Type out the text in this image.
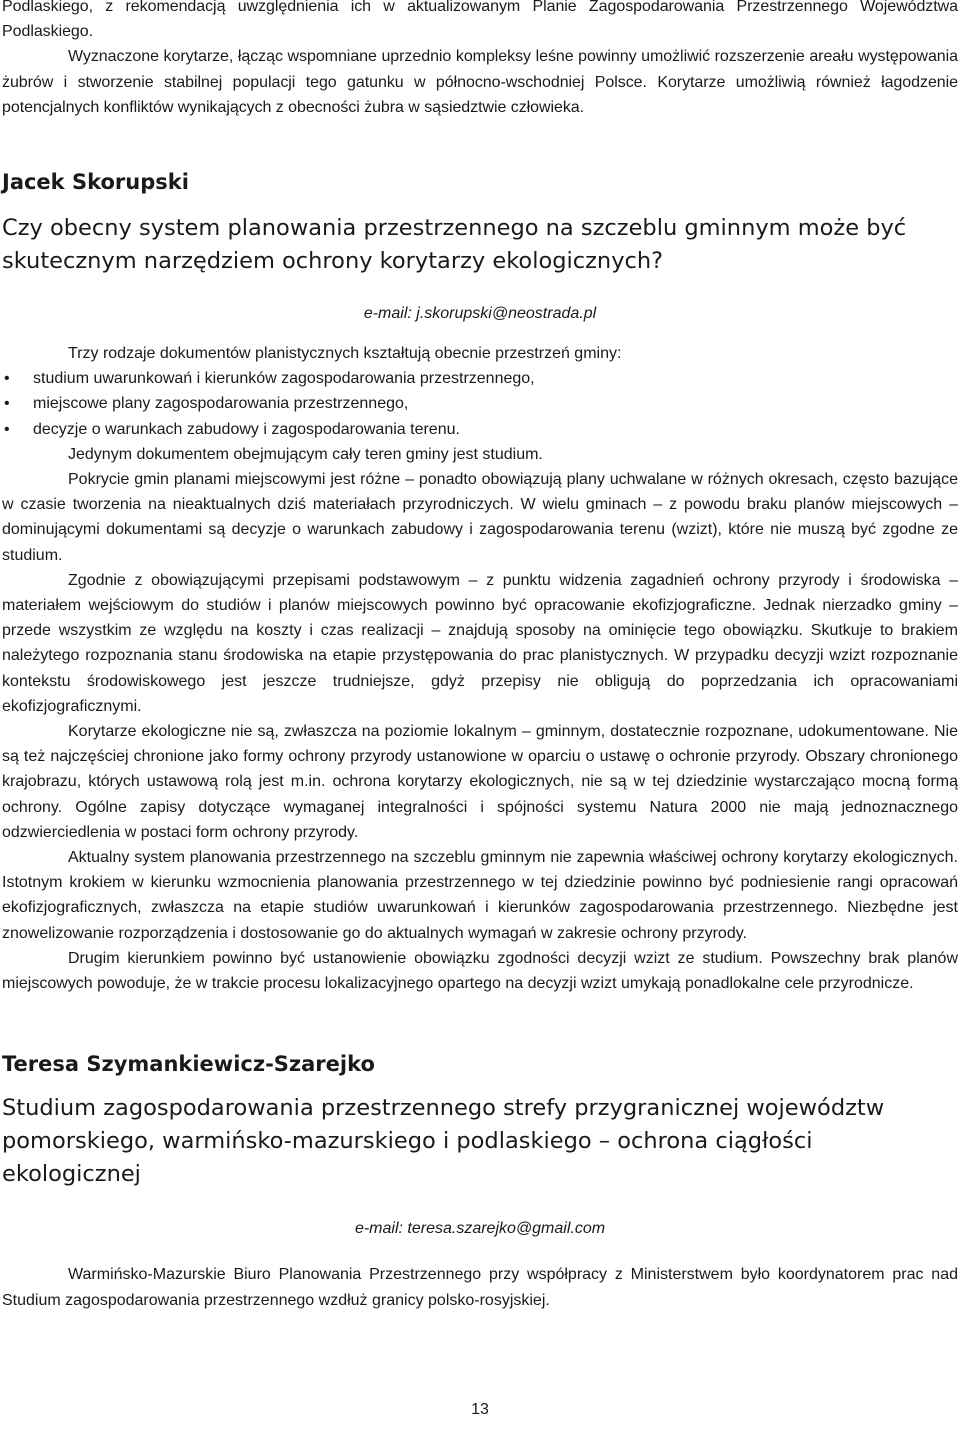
Podlaskiego, z rekomendacją uwzględnienia ich w aktualizowanym Planie Zagospodarowania Przestrzennego Województwa Podlaskiego.

Wyznaczone korytarze, łącząc wspomniane uprzednio kompleksy leśne powinny umożliwić rozszerzenie areału występowania żubrów i stworzenie stabilnej populacji tego gatunku w północno-wschodniej Polsce. Korytarze umożliwią również łagodzenie potencjalnych konfliktów wynikających z obecności żubra w sąsiedztwie człowieka.

Jacek Skorupski
Czy obecny system planowania przestrzennego na szczeblu gminnym może być skutecznym narzędziem ochrony korytarzy ekologicznych?

e-mail: j.skorupski@neostrada.pl

Trzy rodzaje dokumentów planistycznych kształtują obecnie przestrzeń gminy:

• studium uwarunkowań i kierunków zagospodarowania przestrzennego,
• miejscowe plany zagospodarowania przestrzennego,
• decyzje o warunkach zabudowy i zagospodarowania terenu.

Jedynym dokumentem obejmującym cały teren gminy jest studium.

Pokrycie gmin planami miejscowymi jest różne – ponadto obowiązują plany uchwalane w różnych okresach, często bazujące w czasie tworzenia na nieaktualnych dziś materiałach przyrodniczych. W wielu gminach – z powodu braku planów miejscowych – dominującymi dokumentami są decyzje o warunkach zabudowy i zagospodarowania terenu (wzizt), które nie muszą być zgodne ze studium.

Zgodnie z obowiązującymi przepisami podstawowym – z punktu widzenia zagadnień ochrony przyrody i środowiska – materiałem wejściowym do studiów i planów miejscowych powinno być opracowanie ekofizjograficzne. Jednak nierzadko gminy – przede wszystkim ze względu na koszty i czas realizacji – znajdują sposoby na ominięcie tego obowiązku. Skutkuje to brakiem należytego rozpoznania stanu środowiska na etapie przystępowania do prac planistycznych. W przypadku decyzji wzizt rozpoznanie kontekstu środowiskowego jest jeszcze trudniejsze, gdyż przepisy nie obligują do poprzedzania ich opracowaniami ekofizjograficznymi.

Korytarze ekologiczne nie są, zwłaszcza na poziomie lokalnym – gminnym, dostatecznie rozpoznane, udokumentowane. Nie są też najczęściej chronione jako formy ochrony przyrody ustanowione w oparciu o ustawę o ochronie przyrody. Obszary chronionego krajobrazu, których ustawową rolą jest m.in. ochrona korytarzy ekologicznych, nie są w tej dziedzinie wystarczająco mocną formą ochrony. Ogólne zapisy dotyczące wymaganej integralności i spójności systemu Natura 2000 nie mają jednoznacznego odzwierciedlenia w postaci form ochrony przyrody.

Aktualny system planowania przestrzennego na szczeblu gminnym nie zapewnia właściwej ochrony korytarzy ekologicznych. Istotnym krokiem w kierunku wzmocnienia planowania przestrzennego w tej dziedzinie powinno być podniesienie rangi opracowań ekofizjograficznych, zwłaszcza na etapie studiów uwarunkowań i kierunków zagospodarowania przestrzennego. Niezbędne jest znowelizowanie rozporządzenia i dostosowanie go do aktualnych wymagań w zakresie ochrony przyrody.

Drugim kierunkiem powinno być ustanowienie obowiązku zgodności decyzji wzizt ze studium. Powszechny brak planów miejscowych powoduje, że w trakcie procesu lokalizacyjnego opartego na decyzji wzizt umykają ponadlokalne cele przyrodnicze.

Teresa Szymankiewicz-Szarejko
Studium zagospodarowania przestrzennego strefy przygranicznej województw pomorskiego, warmińsko-mazurskiego i podlaskiego – ochrona ciągłości ekologicznej

e-mail: teresa.szarejko@gmail.com

Warmińsko-Mazurskie Biuro Planowania Przestrzennego przy współpracy z Ministerstwem było koordynatorem prac nad Studium zagospodarowania przestrzennego wzdłuż granicy polsko-rosyjskiej.

13
